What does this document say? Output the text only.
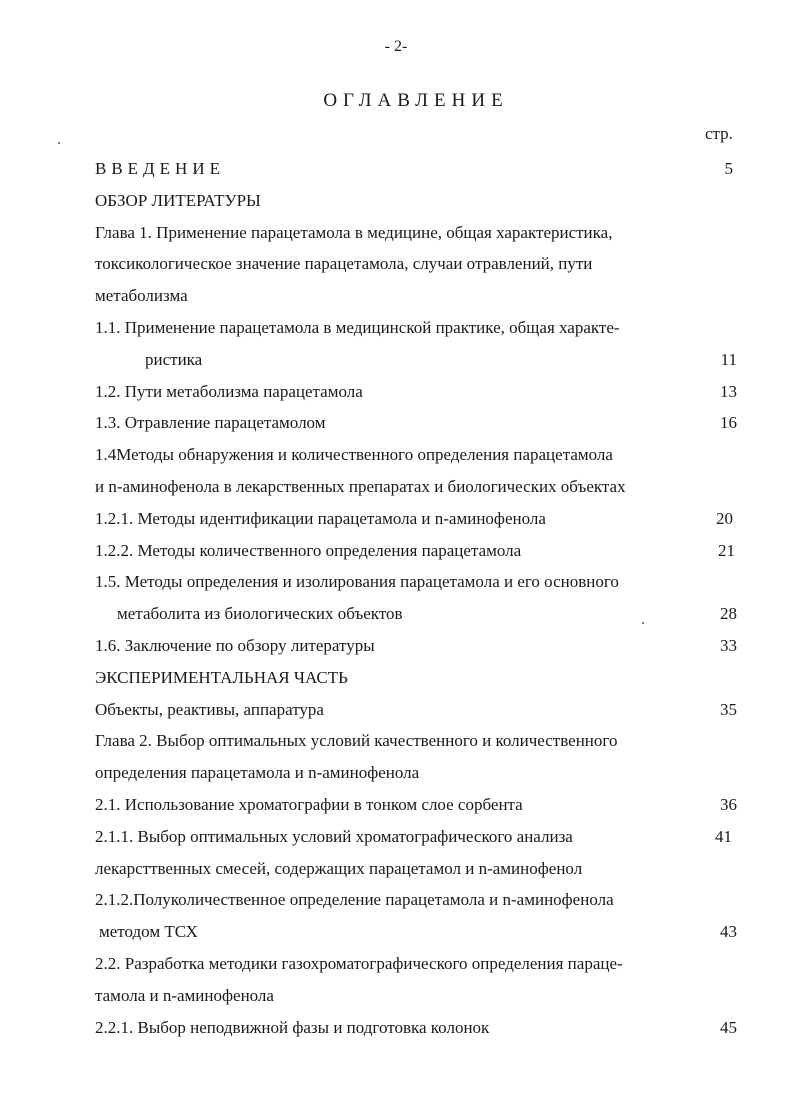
- 2-
ОГЛАВЛЕНИЕ
стр.
ВВЕДЕНИЕ	5
ОБЗОР ЛИТЕРАТУРЫ
Глава 1. Применение парацетамола в медицине, общая характеристика,
токсикологическое значение парацетамола, случаи отравлений, пути
метаболизма
1.1. Применение парацетамола в медицинской практике, общая характе-
ристика	11
1.2. Пути метаболизма парацетамола	13
1.3. Отравление парацетамолом	16
1.4Методы обнаружения и количественного определения парацетамола
и n-аминофенола в лекарственных препаратах и биологических объектах
1.2.1. Методы идентификации парацетамола и n-аминофенола	20
1.2.2. Методы количественного определения парацетамола	21
1.5. Методы определения и изолирования парацетамола и его основного
метаболита из биологических объектов	28
1.6. Заключение по обзору литературы	33
ЭКСПЕРИМЕНТАЛЬНАЯ ЧАСТЬ
Объекты, реактивы, аппаратура	35
Глава 2. Выбор оптимальных условий качественного и количественного
определения парацетамола и n-аминофенола
2.1. Использование хроматографии в тонком слое сорбента	36
2.1.1. Выбор оптимальных условий хроматографического анализа	41
лекарсттвенных смесей, содержащих парацетамол и n-аминофенол
2.1.2.Полуколичественное определение парацетамола и n-аминофенола
методом ТСХ	43
2.2. Разработка методики газохроматографического определения параце-
тамола и n-аминофенола
2.2.1. Выбор неподвижной фазы и подготовка колонок	45
